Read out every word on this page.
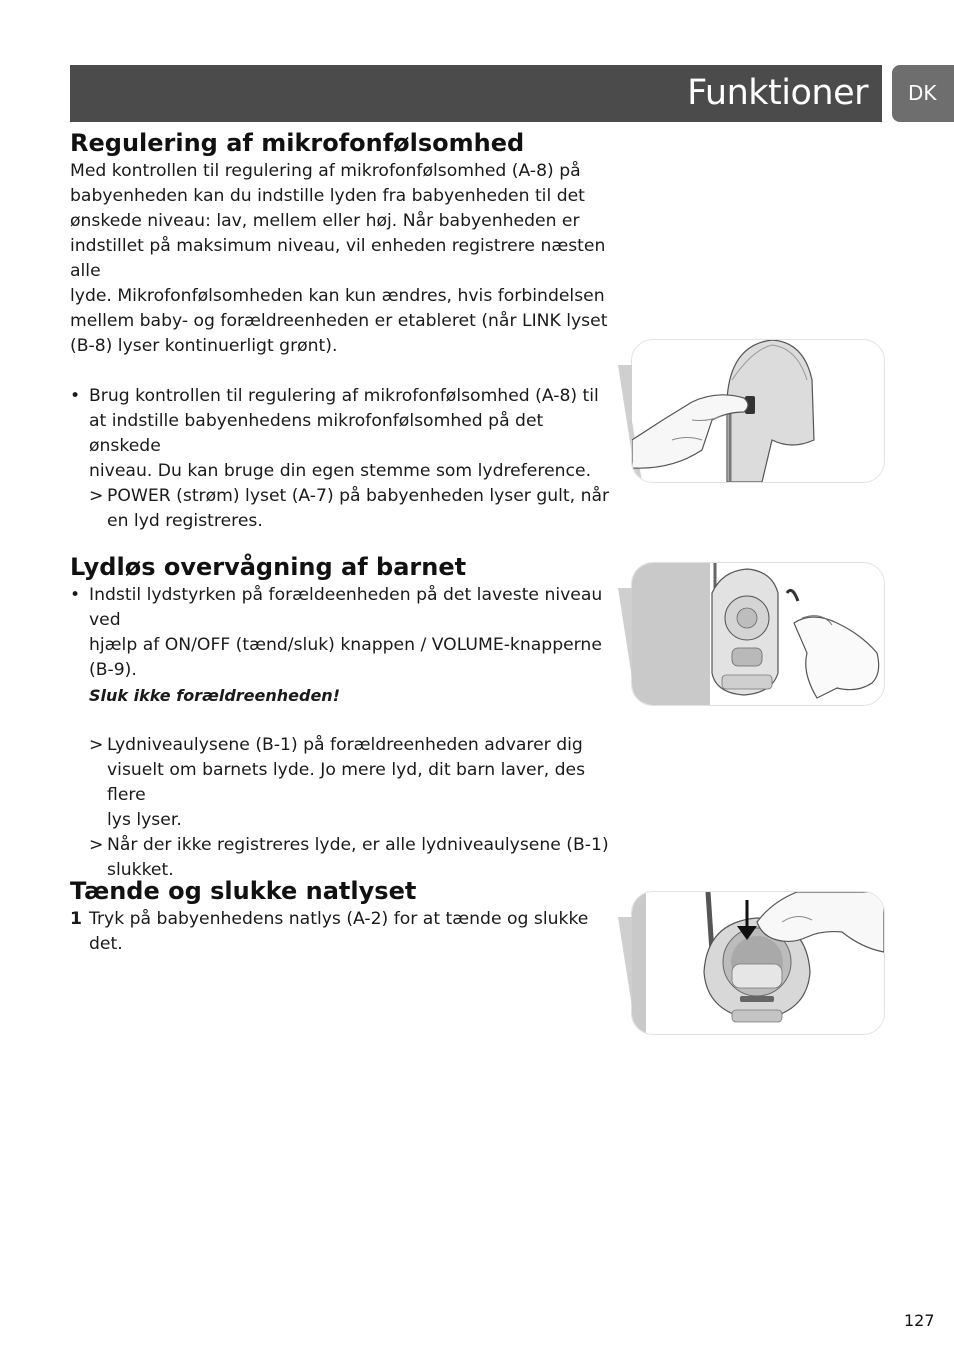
Funktioner DK
Regulering af mikrofonfølsomhed

Med kontrollen til regulering af mikrofonfølsomhed (A-8) på

babyenheden kan du indstille lyden fra babyenheden til det

ønskede niveau: lav, mellem eller høj. Når babyenheden er

indstillet på maksimum niveau, vil enheden registrere næsten alle

lyde. Mikrofonfølsomheden kan kun ændres, hvis forbindelsen

mellem baby- og forældreenheden er etableret (når LINK lyset

(B-8) lyser kontinuerligt grønt).

• Brug kontrollen til regulering af mikrofonfølsomhed (A-8) til

at indstille babyenhedens mikrofonfølsomhed på det ønskede

niveau. Du kan bruge din egen stemme som lydreference.

> POWER (strøm) lyset (A-7) på babyenheden lyser gult, når

en lyd registreres.

Lydløs overvågning af barnet
• Indstil lydstyrken på forældeenheden på det laveste niveau ved

hjælp af ON/OFF (tænd/sluk) knappen / VOLUME-knapperne

(B-9).

Sluk ikke forældreenheden!

> Lydniveaulysene (B-1) på forældreenheden advarer dig

visuelt om barnets lyde. Jo mere lyd, dit barn laver, des flere

lys lyser.

> Når der ikke registreres lyde, er alle lydniveaulysene (B-1)

slukket.

Tænde og slukke natlyset
1 Tryk på babyenhedens natlys (A-2) for at tænde og slukke

det.

127
